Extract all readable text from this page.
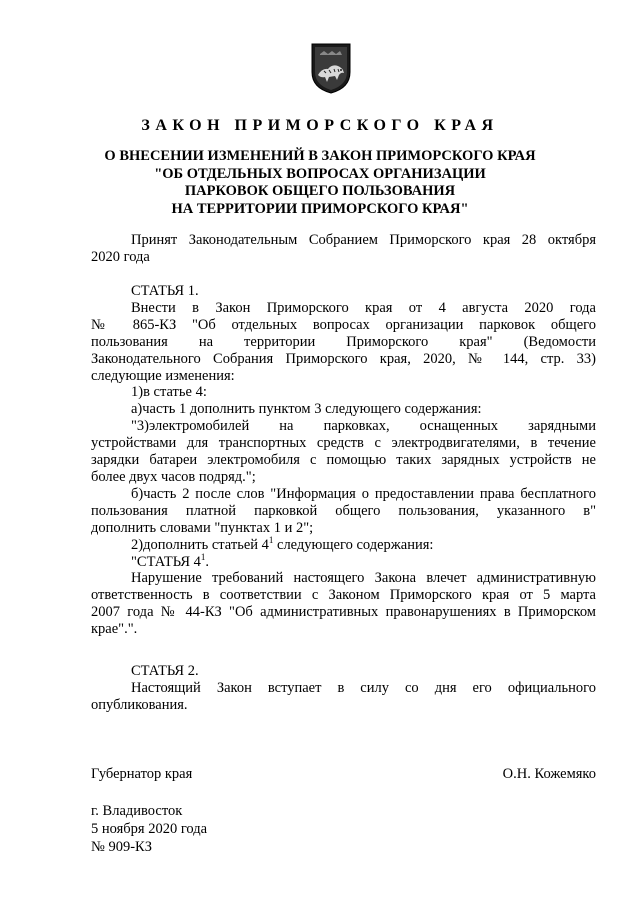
ЗАКОН ПРИМОРСКОГО КРАЯ
О ВНЕСЕНИИ ИЗМЕНЕНИЙ В ЗАКОН ПРИМОРСКОГО КРАЯ
"ОБ ОТДЕЛЬНЫХ ВОПРОСАХ ОРГАНИЗАЦИИ
ПАРКОВОК ОБЩЕГО ПОЛЬЗОВАНИЯ
НА ТЕРРИТОРИИ ПРИМОРСКОГО КРАЯ"

Принят Законодательным Собранием Приморского края 28 октября

2020 года

СТАТЬЯ 1.

Внести в Закон Приморского края от 4 августа 2020 года

№ 865-КЗ "Об отдельных вопросах организации парковок общего

пользования на территории Приморского края" (Ведомости

Законодательного Собрания Приморского края, 2020, № 144, стр. 33)

следующие изменения:

1)в статье 4:

а)часть 1 дополнить пунктом 3 следующего содержания:

"3)электромобилей на парковках, оснащенных зарядными

устройствами для транспортных средств с электродвигателями, в течение

зарядки батареи электромобиля с помощью таких зарядных устройств не

более двух часов подряд.";

б)часть 2 после слов "Информация о предоставлении права бесплатного

пользования платной парковкой общего пользования, указанного в"

дополнить словами "пунктах 1 и 2";

2)дополнить статьей $4^1$ следующего содержания:

"СТАТЬЯ $4^1$.

Нарушение требований настоящего Закона влечет административную

ответственность в соответствии с Законом Приморского края от 5 марта

2007 года № 44-КЗ "Об административных правонарушениях в Приморском

крае".".

СТАТЬЯ 2.

Настоящий Закон вступает в силу со дня его официального

опубликования.

Губернатор края	О.Н. Кожемяко
г. Владивосток
5 ноября 2020 года
№ 909-КЗ
